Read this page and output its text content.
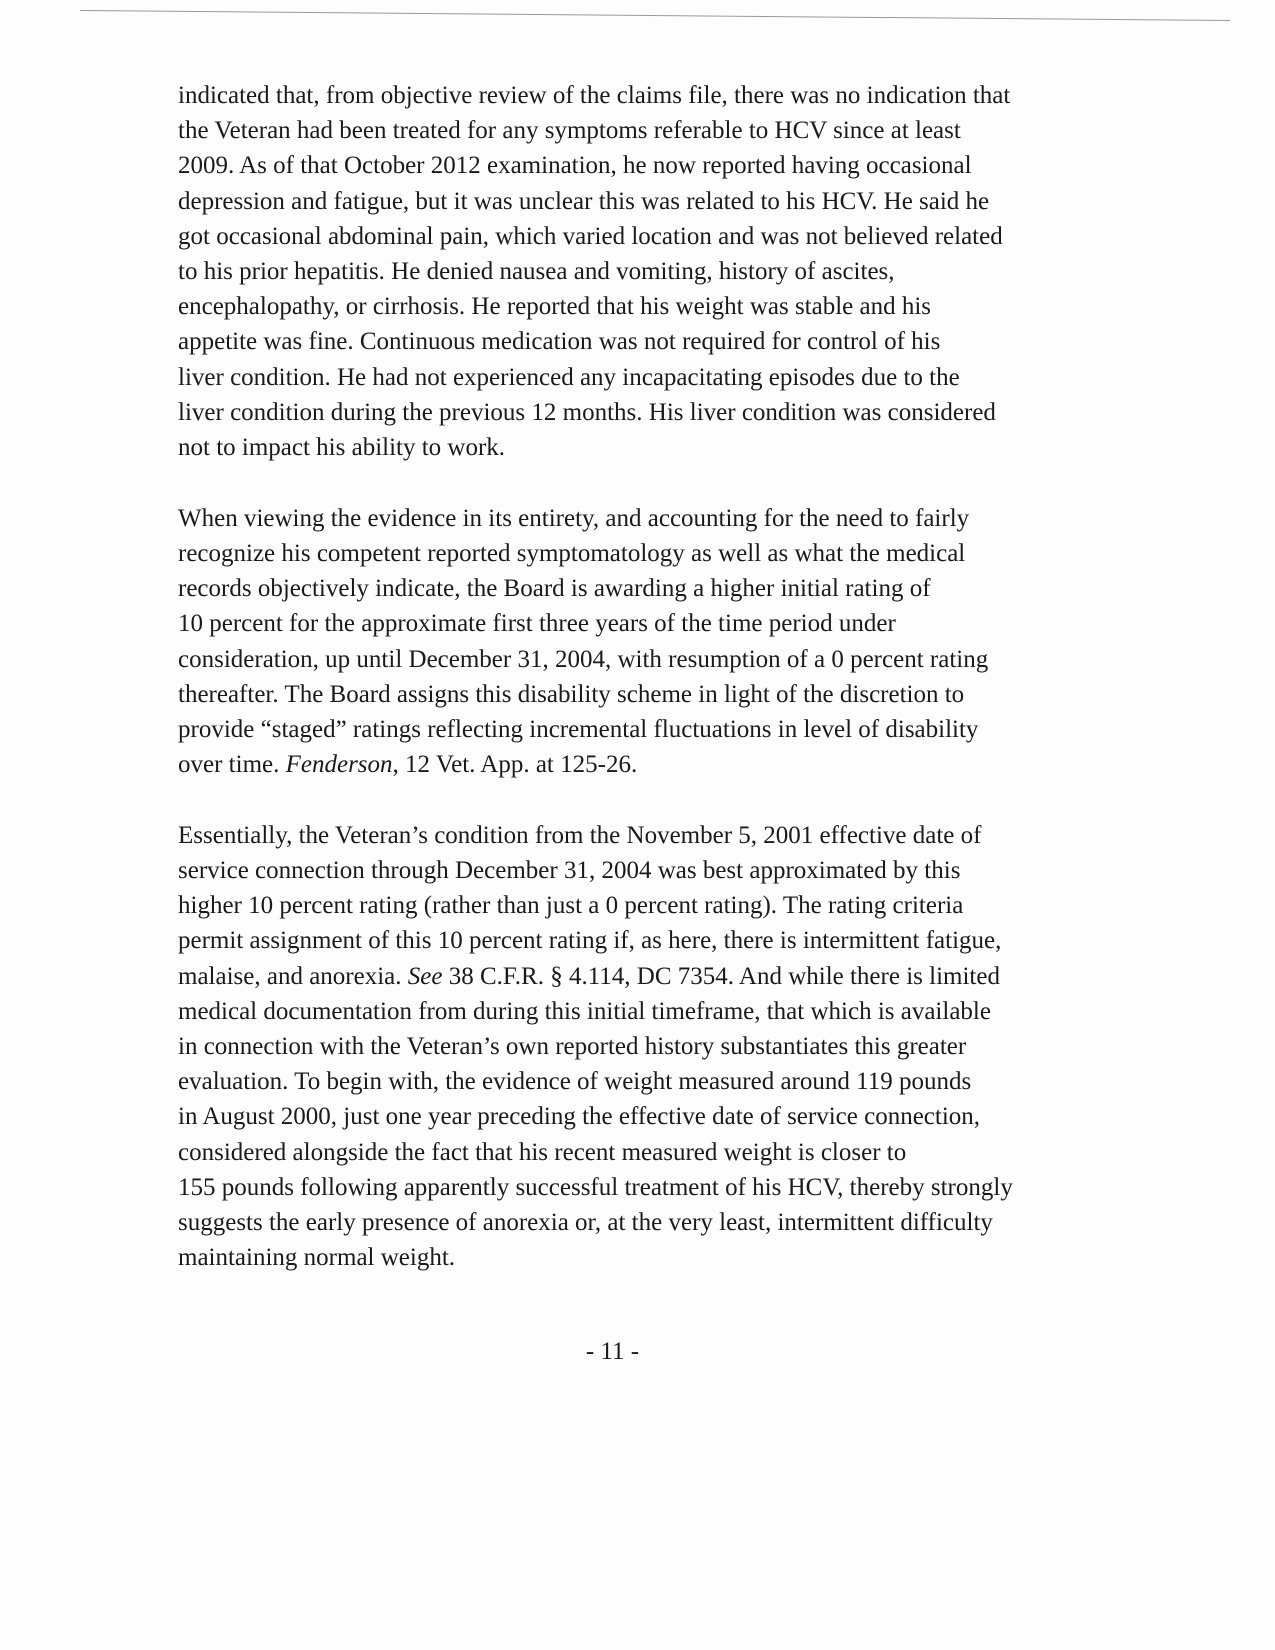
indicated that, from objective review of the claims file, there was no indication that
the Veteran had been treated for any symptoms referable to HCV since at least
2009. As of that October 2012 examination, he now reported having occasional
depression and fatigue, but it was unclear this was related to his HCV. He said he
got occasional abdominal pain, which varied location and was not believed related
to his prior hepatitis. He denied nausea and vomiting, history of ascites,
encephalopathy, or cirrhosis. He reported that his weight was stable and his
appetite was fine. Continuous medication was not required for control of his
liver condition. He had not experienced any incapacitating episodes due to the
liver condition during the previous 12 months. His liver condition was considered
not to impact his ability to work.
When viewing the evidence in its entirety, and accounting for the need to fairly
recognize his competent reported symptomatology as well as what the medical
records objectively indicate, the Board is awarding a higher initial rating of
10 percent for the approximate first three years of the time period under
consideration, up until December 31, 2004, with resumption of a 0 percent rating
thereafter. The Board assigns this disability scheme in light of the discretion to
provide “staged” ratings reflecting incremental fluctuations in level of disability
over time. Fenderson, 12 Vet. App. at 125-26.
Essentially, the Veteran’s condition from the November 5, 2001 effective date of
service connection through December 31, 2004 was best approximated by this
higher 10 percent rating (rather than just a 0 percent rating). The rating criteria
permit assignment of this 10 percent rating if, as here, there is intermittent fatigue,
malaise, and anorexia. See 38 C.F.R. § 4.114, DC 7354. And while there is limited
medical documentation from during this initial timeframe, that which is available
in connection with the Veteran’s own reported history substantiates this greater
evaluation. To begin with, the evidence of weight measured around 119 pounds
in August 2000, just one year preceding the effective date of service connection,
considered alongside the fact that his recent measured weight is closer to
155 pounds following apparently successful treatment of his HCV, thereby strongly
suggests the early presence of anorexia or, at the very least, intermittent difficulty
maintaining normal weight.
- 11 -
